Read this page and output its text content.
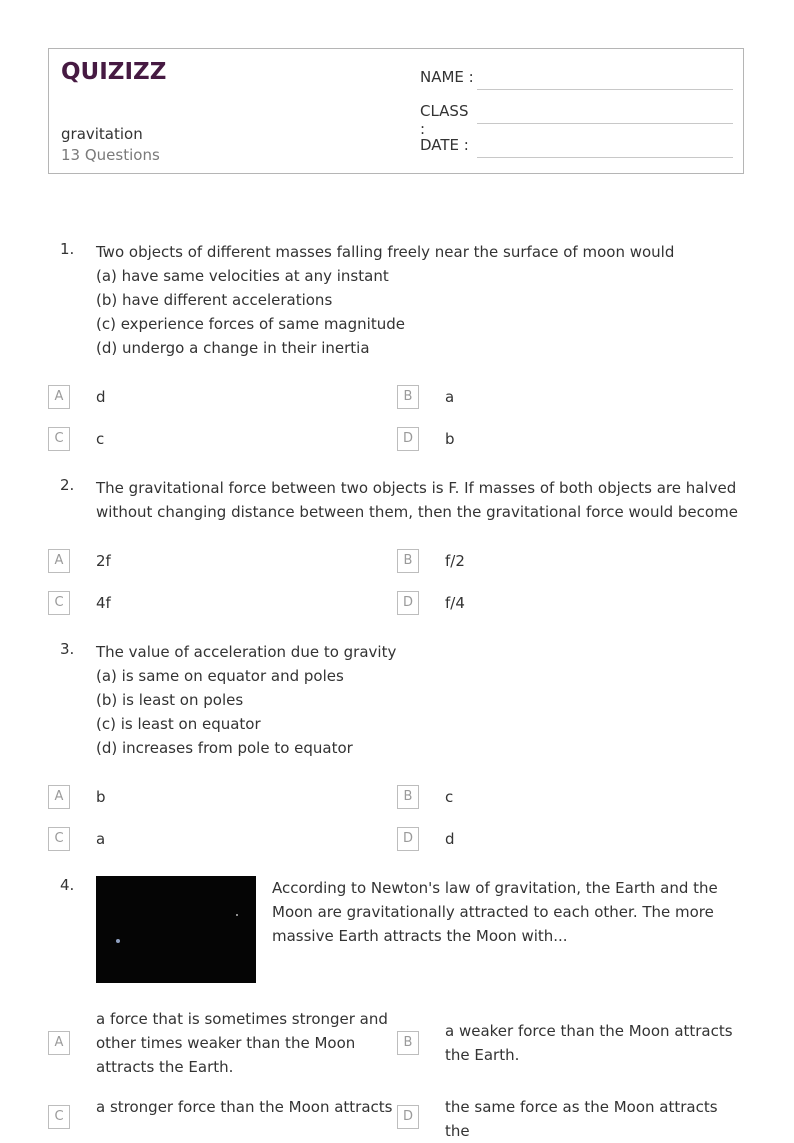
QUIZIZZ
gravitation
13 Questions
NAME :
CLASS :
DATE :
1. Two objects of different masses falling freely near the surface of moon would
(a) have same velocities at any instant
(b) have different accelerations
(c) experience forces of same magnitude
(d) undergo a change in their inertia
A	d	B	a
C	c	D	b
2. The gravitational force between two objects is F. If masses of both objects are halved
without changing distance between them, then the gravitational force would become
A	2f	B	f/2
C	4f	D	f/4
3. The value of acceleration due to gravity
(a) is same on equator and poles
(b) is least on poles
(c) is least on equator
(d) increases from pole to equator
A	b	B	c
C	a	D	d
4.	According to Newton's law of gravitation, the Earth and the
Moon are gravitationally attracted to each other. The more
massive Earth attracts the Moon with...
A
a force that is sometimes stronger and
other times weaker than the Moon
attracts the Earth.
B
a weaker force than the Moon attracts
the Earth.
C
a stronger force than the Moon attracts
D
the same force as the Moon attracts the
